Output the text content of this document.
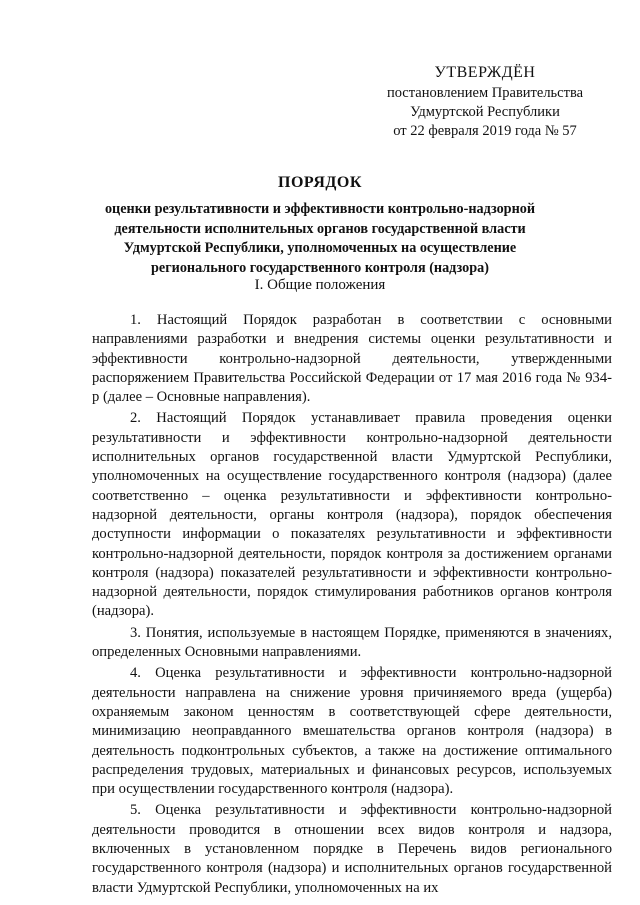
УТВЕРЖДЁН
постановлением Правительства
Удмуртской Республики
от 22 февраля 2019 года № 57
ПОРЯДОК
оценки результативности и эффективности контрольно-надзорной деятельности исполнительных органов государственной власти Удмуртской Республики, уполномоченных на осуществление регионального государственного контроля (надзора)
I. Общие положения

1. Настоящий Порядок разработан в соответствии с основными направлениями разработки и внедрения системы оценки результативности и эффективности контрольно-надзорной деятельности, утвержденными распоряжением Правительства Российской Федерации от 17 мая 2016 года № 934-р (далее – Основные направления).

2. Настоящий Порядок устанавливает правила проведения оценки результативности и эффективности контрольно-надзорной деятельности исполнительных органов государственной власти Удмуртской Республики, уполномоченных на осуществление государственного контроля (надзора) (далее соответственно – оценка результативности и эффективности контрольно-надзорной деятельности, органы контроля (надзора), порядок обеспечения доступности информации о показателях результативности и эффективности контрольно-надзорной деятельности, порядок контроля за достижением органами контроля (надзора) показателей результативности и эффективности контрольно-надзорной деятельности, порядок стимулирования работников органов контроля (надзора).

3. Понятия, используемые в настоящем Порядке, применяются в значениях, определенных Основными направлениями.

4. Оценка результативности и эффективности контрольно-надзорной деятельности направлена на снижение уровня причиняемого вреда (ущерба) охраняемым законом ценностям в соответствующей сфере деятельности, минимизацию неоправданного вмешательства органов контроля (надзора) в деятельность подконтрольных субъектов, а также на достижение оптимального распределения трудовых, материальных и финансовых ресурсов, используемых при осуществлении государственного контроля (надзора).

5. Оценка результативности и эффективности контрольно-надзорной деятельности проводится в отношении всех видов контроля и надзора, включенных в установленном порядке в Перечень видов регионального государственного контроля (надзора) и исполнительных органов государственной власти Удмуртской Республики, уполномоченных на их
